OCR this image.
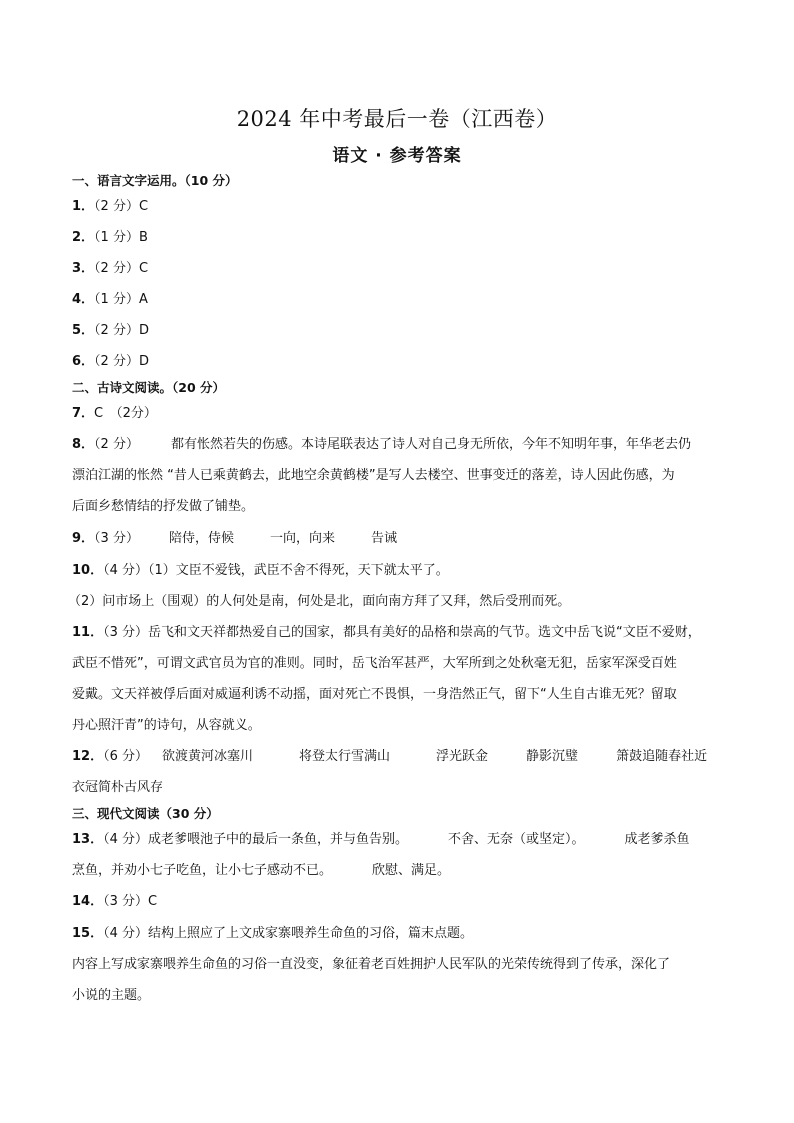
2024 年中考最后一卷（江西卷）
语文 · 参考答案
一、语言文字运用。（10 分）
1．（2 分）C
2．（1 分）B
3．（2 分）C
4．（1 分）A
5．（2 分）D
6．（2 分）D
二、古诗文阅读。（20 分）
7．C　（2分）
8．（2 分） 都有怅然若失的伤感。本诗尾联表达了诗人对自己身无所依，今年不知明年事，年华老去仍
漂泊江湖的怅然 “昔人已乘黄鹤去，此地空余黄鹤楼”是写人去楼空、世事变迁的落差，诗人因此伤感，为
后面乡愁情结的抒发做了铺垫。
9．（3 分） 陪侍，侍候	一向，向来	告诫
10．（4 分）（1）文臣不爱钱，武臣不舍不得死，天下就太平了。
（2）问市场上（围观）的人何处是南，何处是北，面向南方拜了又拜，然后受刑而死。
11．（3 分）岳飞和文天祥都热爱自己的国家，都具有美好的品格和崇高的气节。选文中岳飞说“文臣不爱财，
武臣不惜死”，可谓文武官员为官的准则。同时，岳飞治军甚严，大军所到之处秋毫无犯，岳家军深受百姓
爱戴。文天祥被俘后面对威逼利诱不动摇，面对死亡不畏惧，一身浩然正气，留下“人生自古谁无死？留取
丹心照汗青”的诗句，从容就义。
12．（6 分） 欲渡黄河冰塞川	将登太行雪满山	浮光跃金	静影沉璧	箫鼓追随春社近
衣冠简朴古风存
三、现代文阅读（30 分）
13．（4 分）成老爹喂池子中的最后一条鱼，并与鱼告别。	不舍、无奈（或坚定）。	成老爹杀鱼
烹鱼，并劝小七子吃鱼，让小七子感动不已。	欣慰、满足。
14．（3 分）C
15．（4 分）结构上照应了上文成家寨喂养生命鱼的习俗，篇末点题。
内容上写成家寨喂养生命鱼的习俗一直没变，象征着老百姓拥护人民军队的光荣传统得到了传承，深化了
小说的主题。
